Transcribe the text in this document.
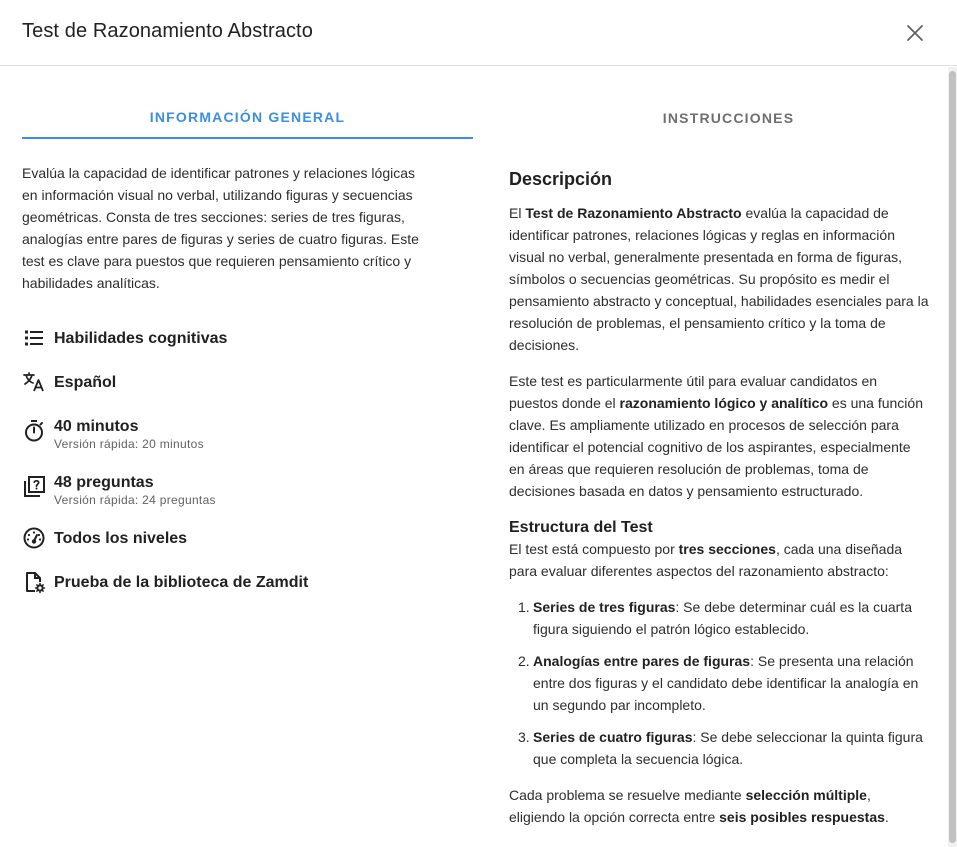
Test de Razonamiento Abstracto
INFORMACIÓN GENERAL	INSTRUCCIONES

Evalúa la capacidad de identificar patrones y relaciones lógicas en información visual no verbal, utilizando figuras y secuencias geométricas. Consta de tres secciones: series de tres figuras, analogías entre pares de figuras y series de cuatro figuras. Este test es clave para puestos que requieren pensamiento crítico y habilidades analíticas.

Habilidades cognitivas
Español
40 minutos
Versión rápida: 20 minutos
48 preguntas
Versión rápida: 24 preguntas
Todos los niveles
Prueba de la biblioteca de Zamdit
Descripción

El Test de Razonamiento Abstracto evalúa la capacidad de identificar patrones, relaciones lógicas y reglas en información visual no verbal, generalmente presentada en forma de figuras, símbolos o secuencias geométricas. Su propósito es medir el pensamiento abstracto y conceptual, habilidades esenciales para la resolución de problemas, el pensamiento crítico y la toma de decisiones.

Este test es particularmente útil para evaluar candidatos en puestos donde el razonamiento lógico y analítico es una función clave. Es ampliamente utilizado en procesos de selección para identificar el potencial cognitivo de los aspirantes, especialmente en áreas que requieren resolución de problemas, toma de decisiones basada en datos y pensamiento estructurado.

Estructura del Test

El test está compuesto por tres secciones, cada una diseñada para evaluar diferentes aspectos del razonamiento abstracto:

1. Series de tres figuras: Se debe determinar cuál es la cuarta figura siguiendo el patrón lógico establecido.
2. Analogías entre pares de figuras: Se presenta una relación entre dos figuras y el candidato debe identificar la analogía en un segundo par incompleto.
3. Series de cuatro figuras: Se debe seleccionar la quinta figura que completa la secuencia lógica.

Cada problema se resuelve mediante selección múltiple, eligiendo la opción correcta entre seis posibles respuestas.
